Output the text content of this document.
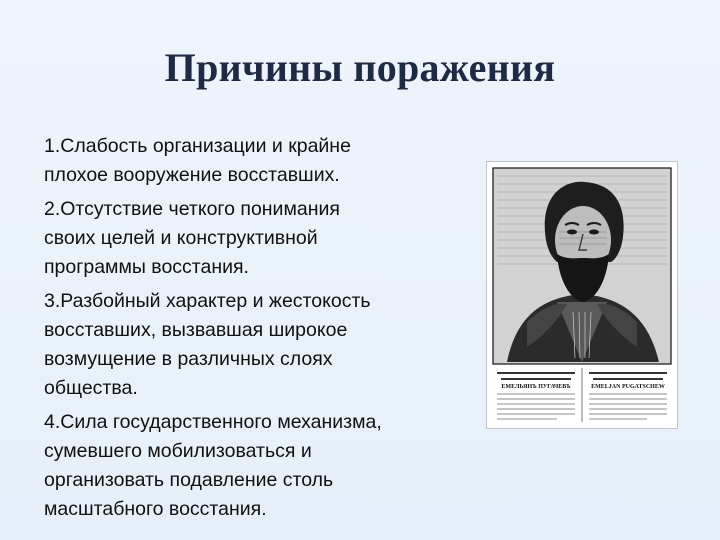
Причины поражения
1.Слабость организации и крайне
плохое вооружение восставших.
2.Отсутствие четкого понимания
своих целей и конструктивной
программы восстания.
3.Разбойный характер и жестокость
восставших, вызвавшая широкое
возмущение в различных слоях
общества.
4.Сила государственного механизма,
сумевшего мобилизоваться и
организовать подавление столь
масштабного восстания.
ЕМЕЛЬЯНЪ ПУГАЧЕВЪ	EMELJAN PUGATSCHEW
